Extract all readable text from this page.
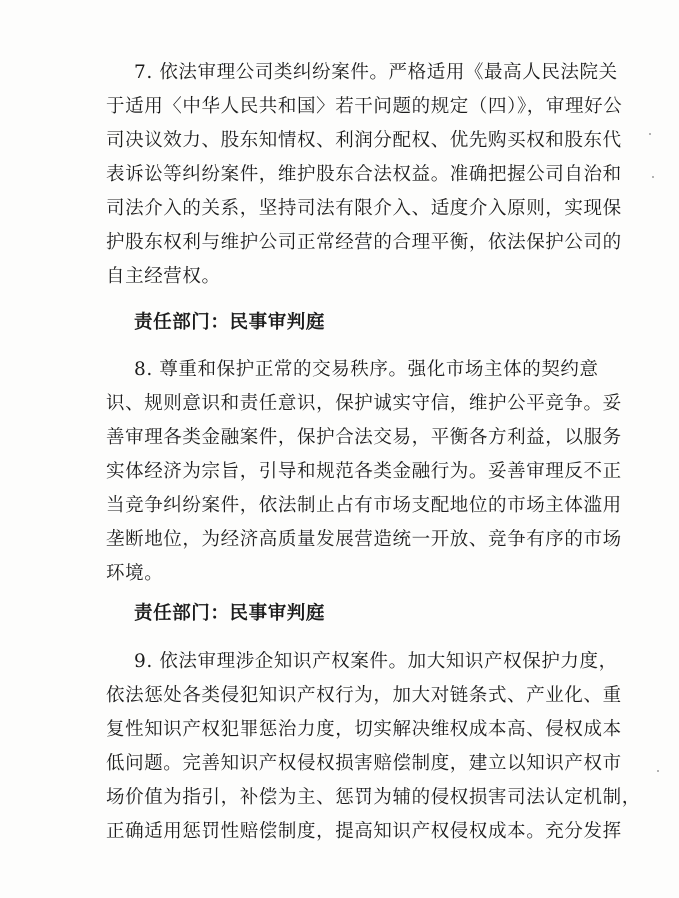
7. 依法审理公司类纠纷案件。严格适用《最高人民法院关
于适用〈中华人民共和国〉若干问题的规定（四）》，审理好公
司决议效力、股东知情权、利润分配权、优先购买权和股东代
表诉讼等纠纷案件，维护股东合法权益。准确把握公司自治和
司法介入的关系，坚持司法有限介入、适度介入原则，实现保
护股东权利与维护公司正常经营的合理平衡，依法保护公司的
自主经营权。
责任部门：民事审判庭
8. 尊重和保护正常的交易秩序。强化市场主体的契约意
识、规则意识和责任意识，保护诚实守信，维护公平竞争。妥
善审理各类金融案件，保护合法交易，平衡各方利益，以服务
实体经济为宗旨，引导和规范各类金融行为。妥善审理反不正
当竞争纠纷案件，依法制止占有市场支配地位的市场主体滥用
垄断地位，为经济高质量发展营造统一开放、竞争有序的市场
环境。
责任部门：民事审判庭
9. 依法审理涉企知识产权案件。加大知识产权保护力度，
依法惩处各类侵犯知识产权行为，加大对链条式、产业化、重
复性知识产权犯罪惩治力度，切实解决维权成本高、侵权成本
低问题。完善知识产权侵权损害赔偿制度，建立以知识产权市
场价值为指引，补偿为主、惩罚为辅的侵权损害司法认定机制，
正确适用惩罚性赔偿制度，提高知识产权侵权成本。充分发挥
